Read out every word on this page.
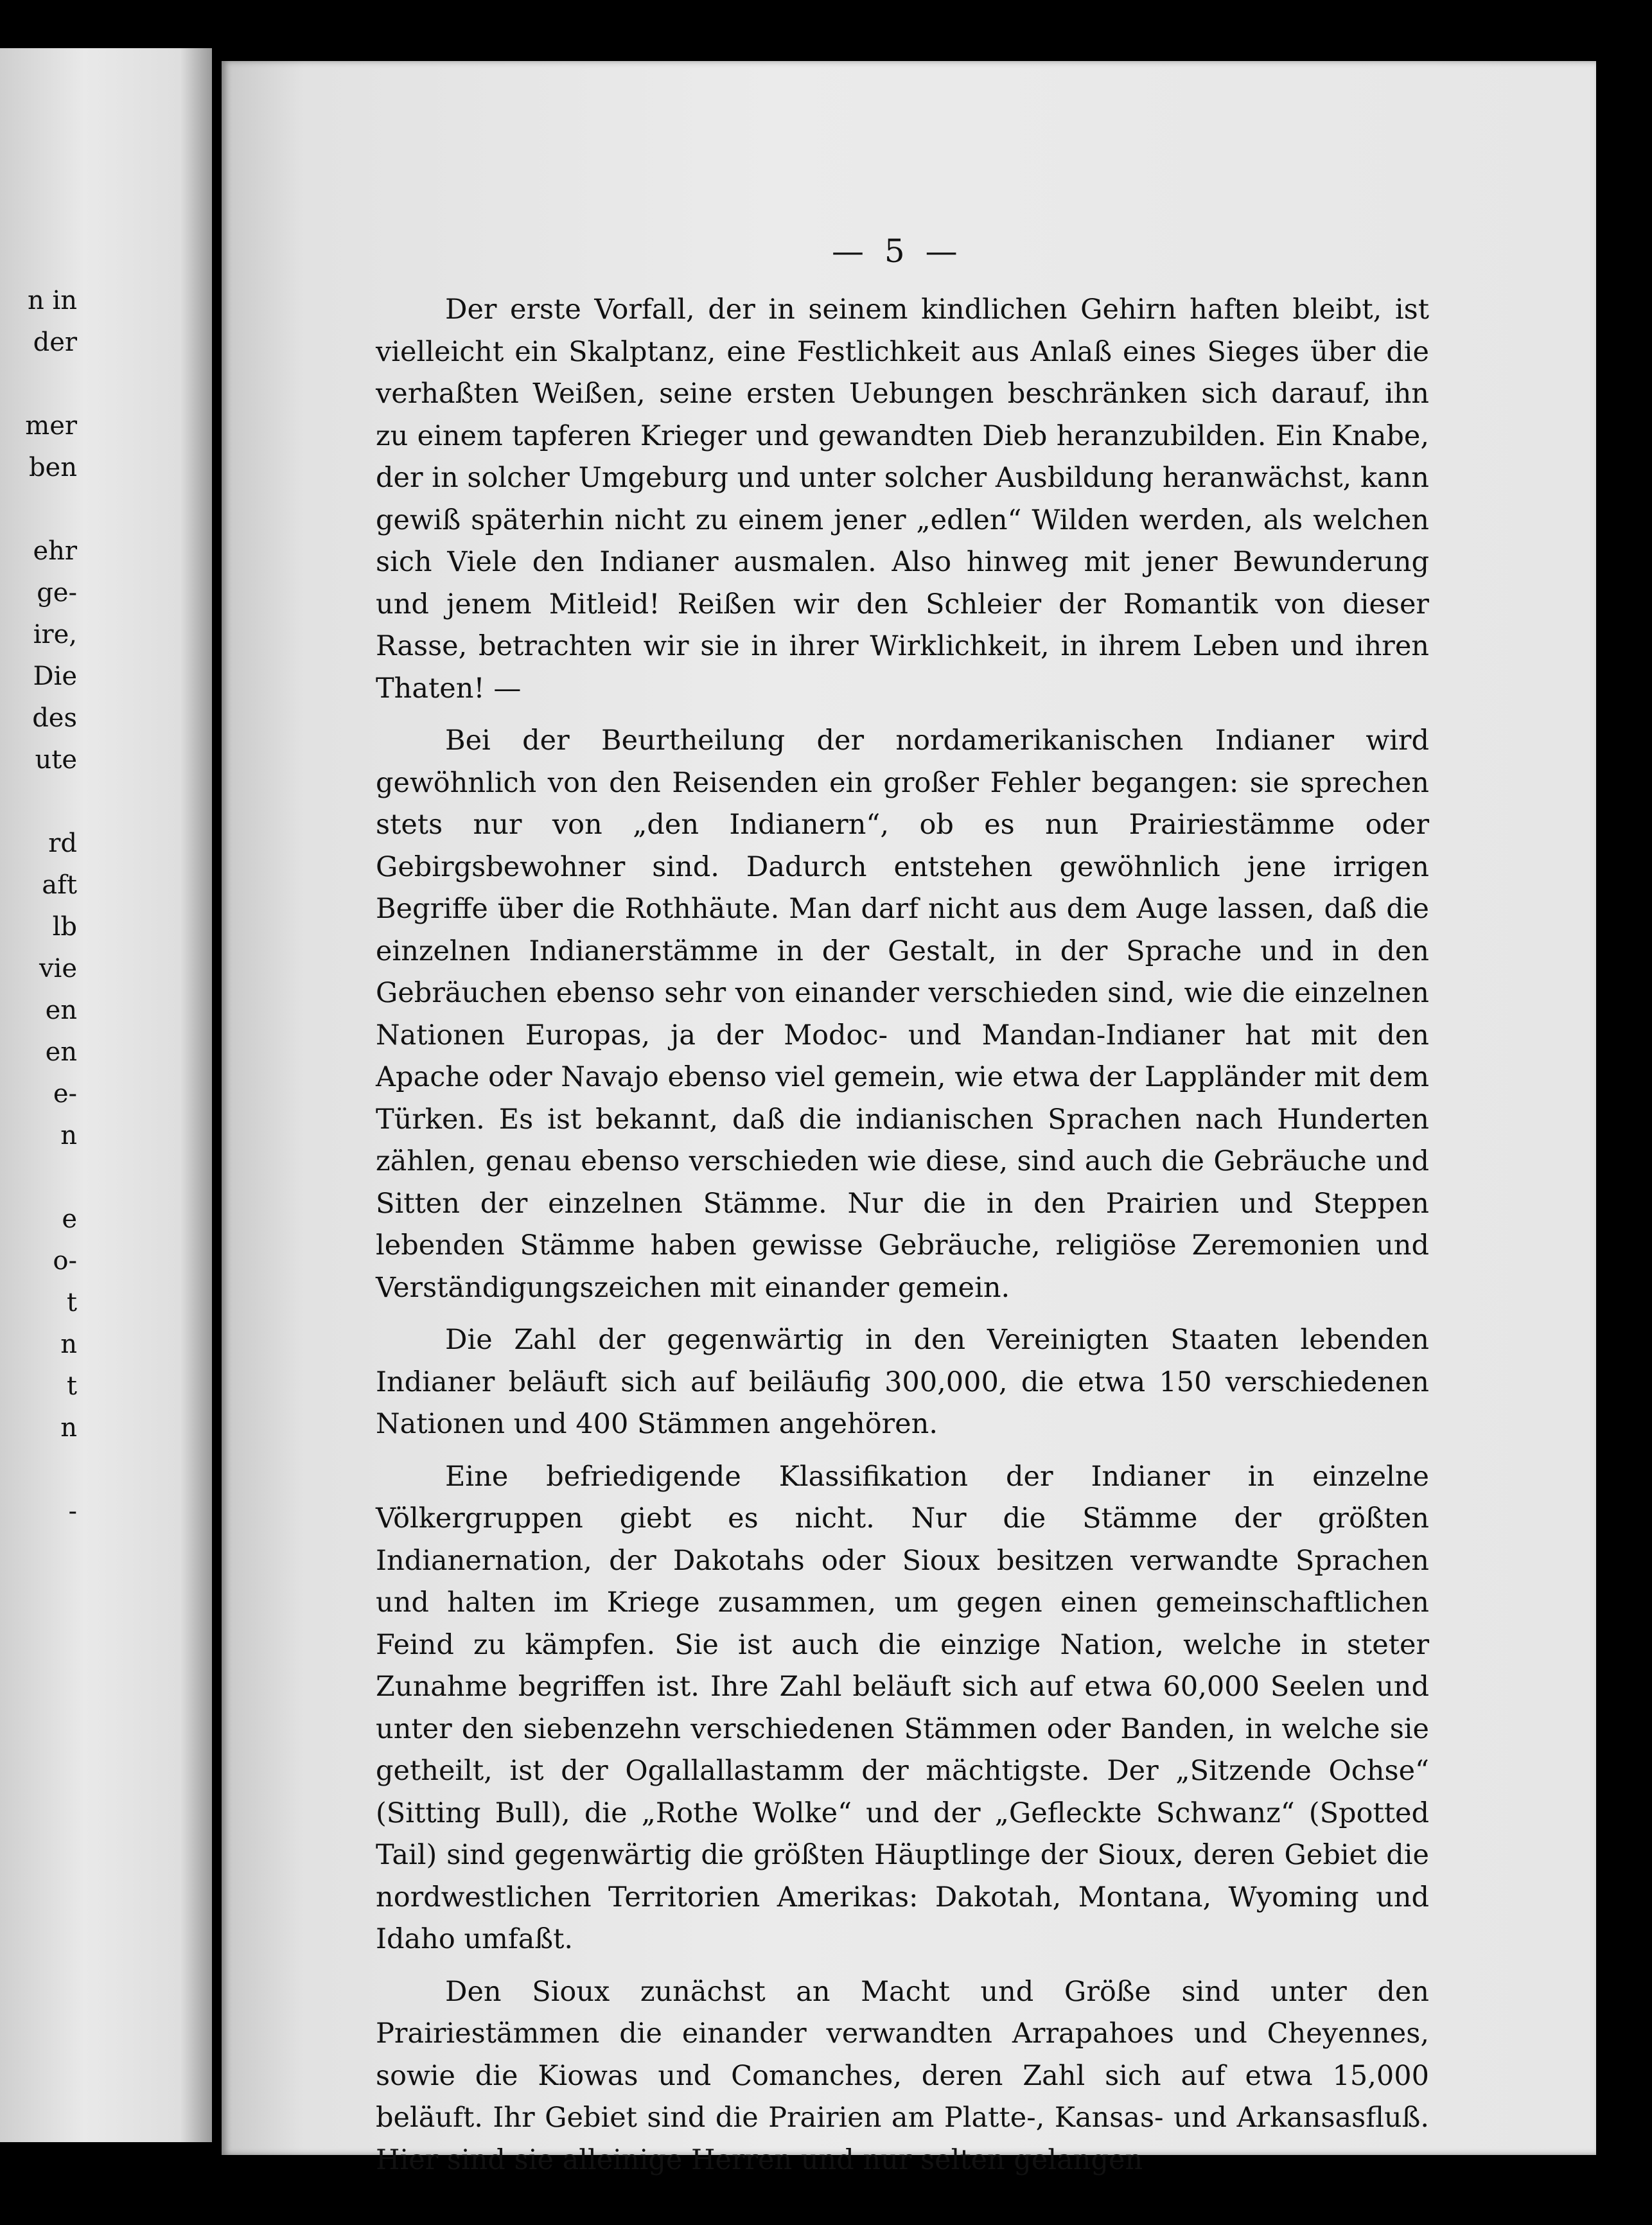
n in
der
mer
ben
ehr
ge-
ire,
Die
des
ute
rd
aft
lb
vie
en
en
e-
n
e
o-
t
n
t
n
-
— 5 —

Der erste Vorfall, der in seinem kindlichen Gehirn haften bleibt, ist vielleicht ein Skalptanz, eine Festlichkeit aus Anlaß eines Sieges über die verhaßten Weißen, seine ersten Uebungen beschränken sich darauf, ihn zu einem tapferen Krieger und gewandten Dieb heranzubilden. Ein Knabe, der in solcher Umgeburg und unter solcher Ausbildung heranwächst, kann gewiß späterhin nicht zu einem jener „edlen“ Wilden werden, als welchen sich Viele den Indianer ausmalen. Also hinweg mit jener Bewunderung und jenem Mitleid! Reißen wir den Schleier der Romantik von dieser Rasse, betrachten wir sie in ihrer Wirklichkeit, in ihrem Leben und ihren Thaten! —

Bei der Beurtheilung der nordamerikanischen Indianer wird gewöhnlich von den Reisenden ein großer Fehler begangen: sie sprechen stets nur von „den Indianern“, ob es nun Prairiestämme oder Gebirgsbewohner sind. Dadurch entstehen gewöhnlich jene irrigen Begriffe über die Rothhäute. Man darf nicht aus dem Auge lassen, daß die einzelnen Indianerstämme in der Gestalt, in der Sprache und in den Gebräuchen ebenso sehr von einander verschieden sind, wie die einzelnen Nationen Europas, ja der Modoc- und Mandan-Indianer hat mit den Apache oder Navajo ebenso viel gemein, wie etwa der Lappländer mit dem Türken. Es ist bekannt, daß die indianischen Sprachen nach Hunderten zählen, genau ebenso verschieden wie diese, sind auch die Gebräuche und Sitten der einzelnen Stämme. Nur die in den Prairien und Steppen lebenden Stämme haben gewisse Gebräuche, religiöse Zeremonien und Verständigungszeichen mit einander gemein.

Die Zahl der gegenwärtig in den Vereinigten Staaten lebenden Indianer beläuft sich auf beiläufig 300,000, die etwa 150 verschiedenen Nationen und 400 Stämmen angehören.

Eine befriedigende Klassifikation der Indianer in einzelne Völkergruppen giebt es nicht. Nur die Stämme der größten Indianernation, der Dakotahs oder Sioux besitzen verwandte Sprachen und halten im Kriege zusammen, um gegen einen gemeinschaftlichen Feind zu kämpfen. Sie ist auch die einzige Nation, welche in steter Zunahme begriffen ist. Ihre Zahl beläuft sich auf etwa 60,000 Seelen und unter den siebenzehn verschiedenen Stämmen oder Banden, in welche sie getheilt, ist der Ogallallastamm der mächtigste. Der „Sitzende Ochse“ (Sitting Bull), die „Rothe Wolke“ und der „Gefleckte Schwanz“ (Spotted Tail) sind gegenwärtig die größten Häuptlinge der Sioux, deren Gebiet die nordwestlichen Territorien Amerikas: Dakotah, Montana, Wyoming und Idaho umfaßt.

Den Sioux zunächst an Macht und Größe sind unter den Prairiestämmen die einander verwandten Arrapahoes und Cheyennes, sowie die Kiowas und Comanches, deren Zahl sich auf etwa 15,000 beläuft. Ihr Gebiet sind die Prairien am Platte-, Kansas- und Arkansasfluß. Hier sind sie alleinige Herren und nur selten gelangen
